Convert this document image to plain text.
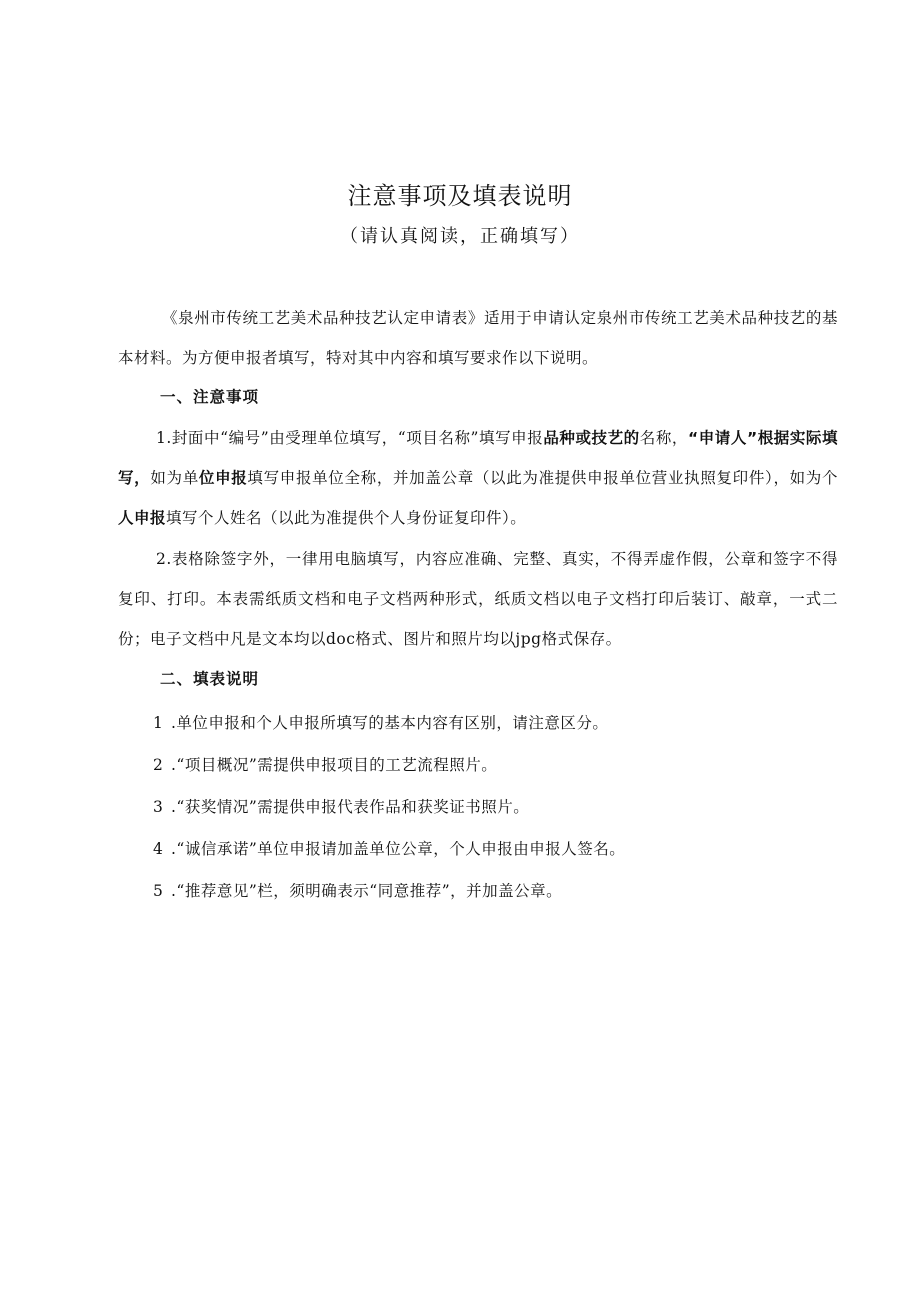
注意事项及填表说明
（请认真阅读，正确填写）
《泉州市传统工艺美术品种技艺认定申请表》适用于申请认定泉州市传统工艺美术品种技艺的基本材料。为方便申报者填写，特对其中内容和填写要求作以下说明。
一、注意事项
1.封面中“编号”由受理单位填写，“项目名称”填写申报品种或技艺的名称，“申请人”根据实际填写，如为单位申报填写申报单位全称，并加盖公章（以此为准提供申报单位营业执照复印件），如为个人申报填写个人姓名（以此为准提供个人身份证复印件）。
2.表格除签字外，一律用电脑填写，内容应准确、完整、真实，不得弄虚作假，公章和签字不得复印、打印。本表需纸质文档和电子文档两种形式，纸质文档以电子文档打印后装订、敲章，一式二份；电子文档中凡是文本均以doc格式、图片和照片均以jpg格式保存。
二、填表说明
1 .单位申报和个人申报所填写的基本内容有区别，请注意区分。
2 .“项目概况”需提供申报项目的工艺流程照片。
3 .“获奖情况”需提供申报代表作品和获奖证书照片。
4 .“诚信承诺”单位申报请加盖单位公章，个人申报由申报人签名。
5 .“推荐意见”栏，须明确表示“同意推荐”，并加盖公章。
